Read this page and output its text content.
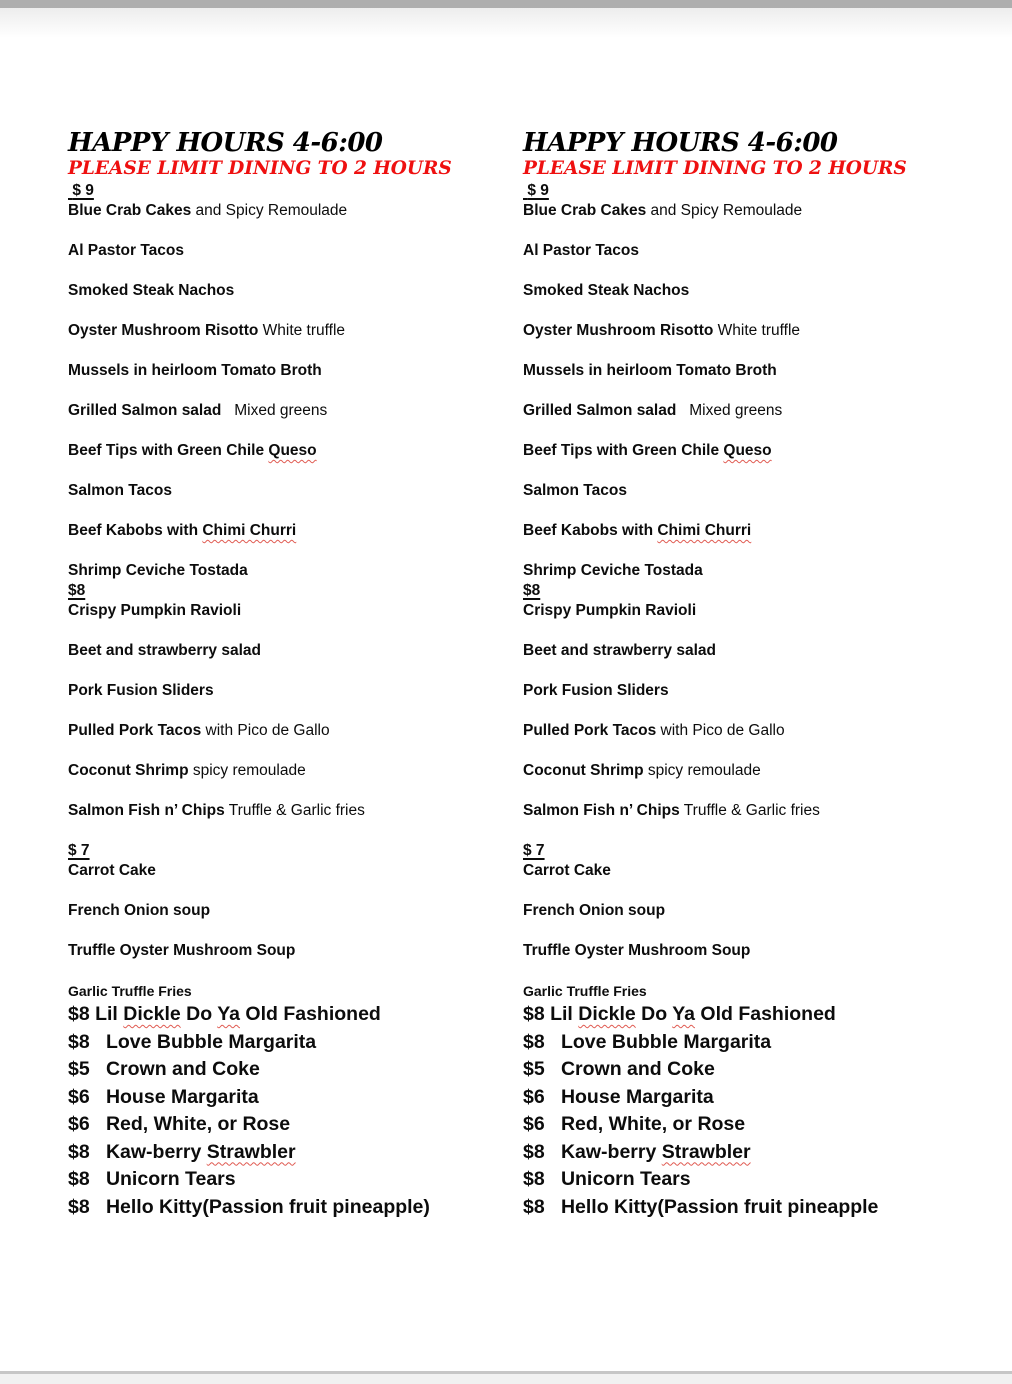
HAPPY HOURS 4-6:00
PLEASE LIMIT DINING TO 2 HOURS
$ 9
Blue Crab Cakes and Spicy Remoulade
Al Pastor Tacos
Smoked Steak Nachos
Oyster Mushroom Risotto White truffle
Mussels in heirloom Tomato Broth
Grilled Salmon salad   Mixed greens
Beef Tips with Green Chile Queso
Salmon Tacos
Beef Kabobs with Chimi Churri
Shrimp Ceviche Tostada
$8
Crispy Pumpkin Ravioli
Beet and strawberry salad
Pork Fusion Sliders
Pulled Pork Tacos with Pico de Gallo
Coconut Shrimp spicy remoulade
Salmon Fish n’ Chips Truffle & Garlic fries
$ 7
Carrot Cake
French Onion soup
Truffle Oyster Mushroom Soup
Garlic Truffle Fries
$8 Lil Dickle Do Ya Old Fashioned
$8   Love Bubble Margarita
$5   Crown and Coke
$6   House Margarita
$6   Red, White, or Rose
$8   Kaw-berry Strawbler
$8   Unicorn Tears
$8   Hello Kitty(Passion fruit pineapple)
HAPPY HOURS 4-6:00
PLEASE LIMIT DINING TO 2 HOURS
$ 9
Blue Crab Cakes and Spicy Remoulade
Al Pastor Tacos
Smoked Steak Nachos
Oyster Mushroom Risotto White truffle
Mussels in heirloom Tomato Broth
Grilled Salmon salad   Mixed greens
Beef Tips with Green Chile Queso
Salmon Tacos
Beef Kabobs with Chimi Churri
Shrimp Ceviche Tostada
$8
Crispy Pumpkin Ravioli
Beet and strawberry salad
Pork Fusion Sliders
Pulled Pork Tacos with Pico de Gallo
Coconut Shrimp spicy remoulade
Salmon Fish n’ Chips Truffle & Garlic fries
$ 7
Carrot Cake
French Onion soup
Truffle Oyster Mushroom Soup
Garlic Truffle Fries
$8 Lil Dickle Do Ya Old Fashioned
$8   Love Bubble Margarita
$5   Crown and Coke
$6   House Margarita
$6   Red, White, or Rose
$8   Kaw-berry Strawbler
$8   Unicorn Tears
$8   Hello Kitty(Passion fruit pineapple
